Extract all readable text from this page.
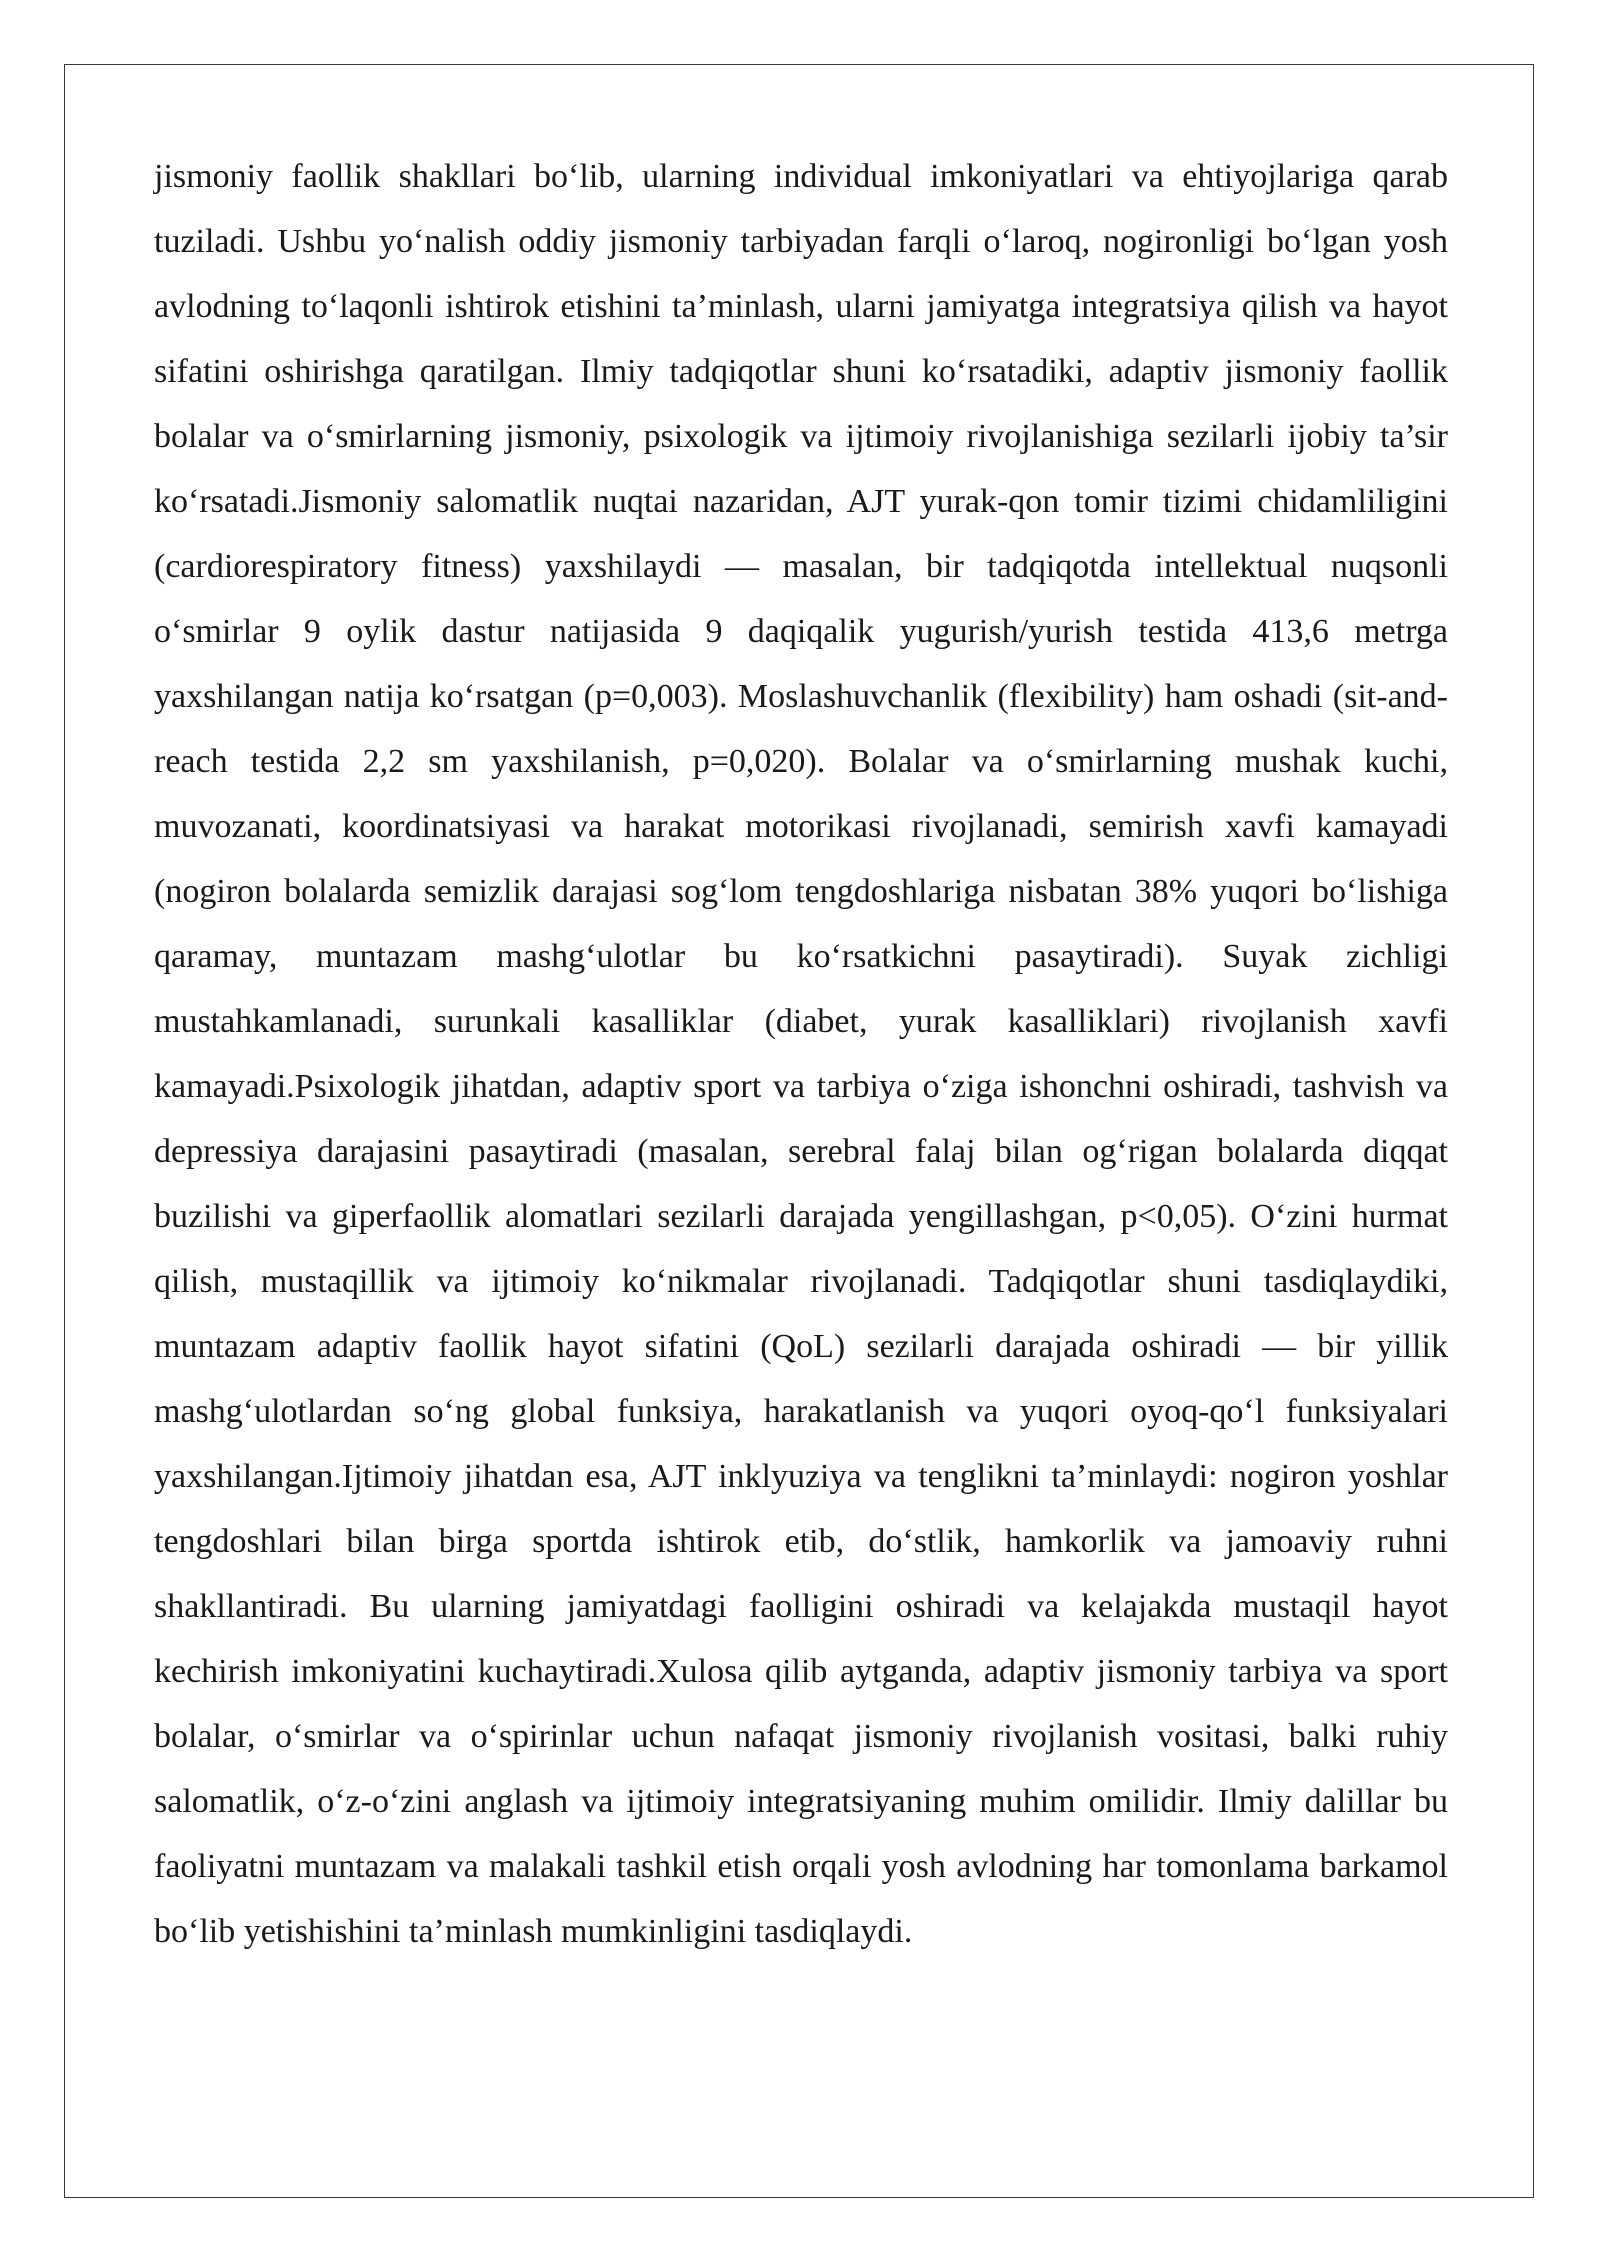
jismoniy faollik shakllari bo‘lib, ularning individual imkoniyatlari va ehtiyojlariga qarab tuziladi. Ushbu yo‘nalish oddiy jismoniy tarbiyadan farqli o‘laroq, nogironligi bo‘lgan yosh avlodning to‘laqonli ishtirok etishini ta’minlash, ularni jamiyatga integratsiya qilish va hayot sifatini oshirishga qaratilgan. Ilmiy tadqiqotlar shuni ko‘rsatadiki, adaptiv jismoniy faollik bolalar va o‘smirlarning jismoniy, psixologik va ijtimoiy rivojlanishiga sezilarli ijobiy ta’sir ko‘rsatadi.Jismoniy salomatlik nuqtai nazaridan, AJT yurak-qon tomir tizimi chidamliligini (cardiorespiratory fitness) yaxshilaydi — masalan, bir tadqiqotda intellektual nuqsonli o‘smirlar 9 oylik dastur natijasida 9 daqiqalik yugurish/yurish testida 413,6 metrga yaxshilangan natija ko‘rsatgan (p=0,003). Moslashuvchanlik (flexibility) ham oshadi (sit-and-reach testida 2,2 sm yaxshilanish, p=0,020). Bolalar va o‘smirlarning mushak kuchi, muvozanati, koordinatsiyasi va harakat motorikasi rivojlanadi, semirish xavfi kamayadi (nogiron bolalarda semizlik darajasi sog‘lom tengdoshlariga nisbatan 38% yuqori bo‘lishiga qaramay, muntazam mashg‘ulotlar bu ko‘rsatkichni pasaytiradi). Suyak zichligi mustahkamlanadi, surunkali kasalliklar (diabet, yurak kasalliklari) rivojlanish xavfi kamayadi.Psixologik jihatdan, adaptiv sport va tarbiya o‘ziga ishonchni oshiradi, tashvish va depressiya darajasini pasaytiradi (masalan, serebral falaj bilan og‘rigan bolalarda diqqat buzilishi va giperfaollik alomatlari sezilarli darajada yengillashgan, p<0,05). O‘zini hurmat qilish, mustaqillik va ijtimoiy ko‘nikmalar rivojlanadi. Tadqiqotlar shuni tasdiqlaydiki, muntazam adaptiv faollik hayot sifatini (QoL) sezilarli darajada oshiradi — bir yillik mashg‘ulotlardan so‘ng global funksiya, harakatlanish va yuqori oyoq-qo‘l funksiyalari yaxshilangan.Ijtimoiy jihatdan esa, AJT inklyuziya va tenglikni ta’minlaydi: nogiron yoshlar tengdoshlari bilan birga sportda ishtirok etib, do‘stlik, hamkorlik va jamoaviy ruhni shakllantiradi. Bu ularning jamiyatdagi faolligini oshiradi va kelajakda mustaqil hayot kechirish imkoniyatini kuchaytiradi.Xulosa qilib aytganda, adaptiv jismoniy tarbiya va sport bolalar, o‘smirlar va o‘spirinlar uchun nafaqat jismoniy rivojlanish vositasi, balki ruhiy salomatlik, o‘z-o‘zini anglash va ijtimoiy integratsiyaning muhim omilidir. Ilmiy dalillar bu faoliyatni muntazam va malakali tashkil etish orqali yosh avlodning har tomonlama barkamol bo‘lib yetishishini ta’minlash mumkinligini tasdiqlaydi.
